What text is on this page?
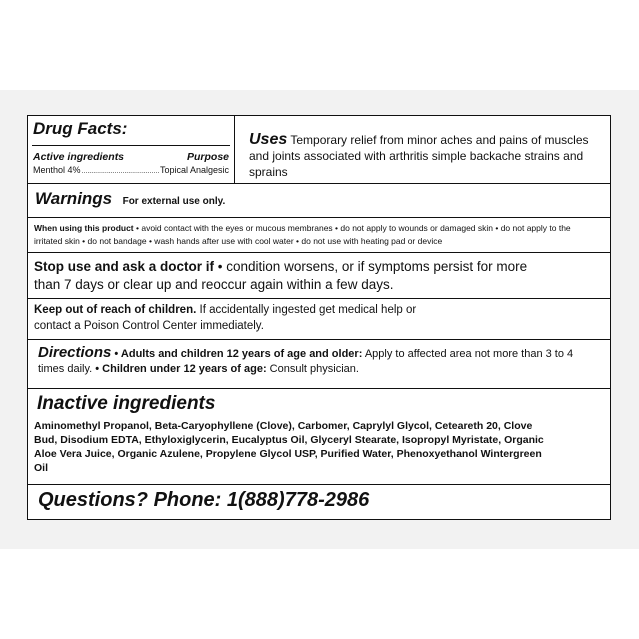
Drug Facts:
Active ingredients	Purpose
Menthol 4%
.....	Topical Analgesic
Uses Temporary relief from minor aches and pains of muscles and joints associated with arthritis simple backache strains and sprains
Warnings For external use only.
When using this product • avoid contact with the eyes or mucous membranes • do not apply to wounds or damaged skin • do not apply to the irritated skin • do not bandage • wash hands after use with cool water • do not use with heating pad or device
Stop use and ask a doctor if • condition worsens, or if symptoms persist for more than 7 days or clear up and reoccur again within a few days.
Keep out of reach of children. If accidentally ingested get medical help or contact a Poison Control Center immediately.
Directions • Adults and children 12 years of age and older: Apply to affected area not more than 3 to 4 times daily. • Children under 12 years of age: Consult physician.
Inactive ingredients
Aminomethyl Propanol, Beta-Caryophyllene (Clove), Carbomer, Caprylyl Glycol, Ceteareth 20, Clove Bud, Disodium EDTA, Ethyloxiglycerin, Eucalyptus Oil, Glyceryl Stearate, Isopropyl Myristate, Organic Aloe Vera Juice, Organic Azulene, Propylene Glycol USP, Purified Water, Phenoxyethanol Wintergreen Oil
Questions? Phone: 1(888)778-2986
